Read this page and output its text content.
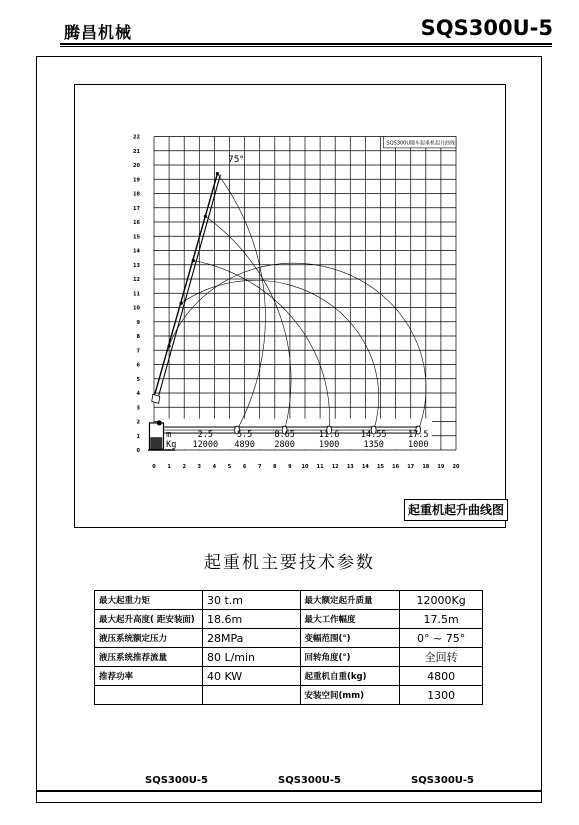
腾昌机械	SQS300U-5
0 1 2 3 4 5 6 7 8 9 10 11 12 13 14 15 16 17 18 19 20
0
1
2
3
4
5
6
7
8
9
10
11
12
13
14
15
16
17
18
19
20
21
22
m
Kg
2.5	5.5	8.65	11.6	14.55	17.5
12000 4890 2800	1900	1350	1000
SQS300U随车起重机起升曲线
75°
起重机起升曲线图
起重机主要技术参数
最大起重力矩	30 t.m	最大额定起升质量	12000Kg
最大起升高度( 距安装面)	18.6m	最大工作幅度	17.5m
液压系统额定压力	28MPa	变幅范围(°)	0° ~ 75°
液压系统推荐流量	80 L/min	回转角度(°)	全回转
推荐功率	40 KW	起重机自重(kg)	4800
		安装空间(mm)	1300
SQS300U-5	SQS300U-5	SQS300U-5
